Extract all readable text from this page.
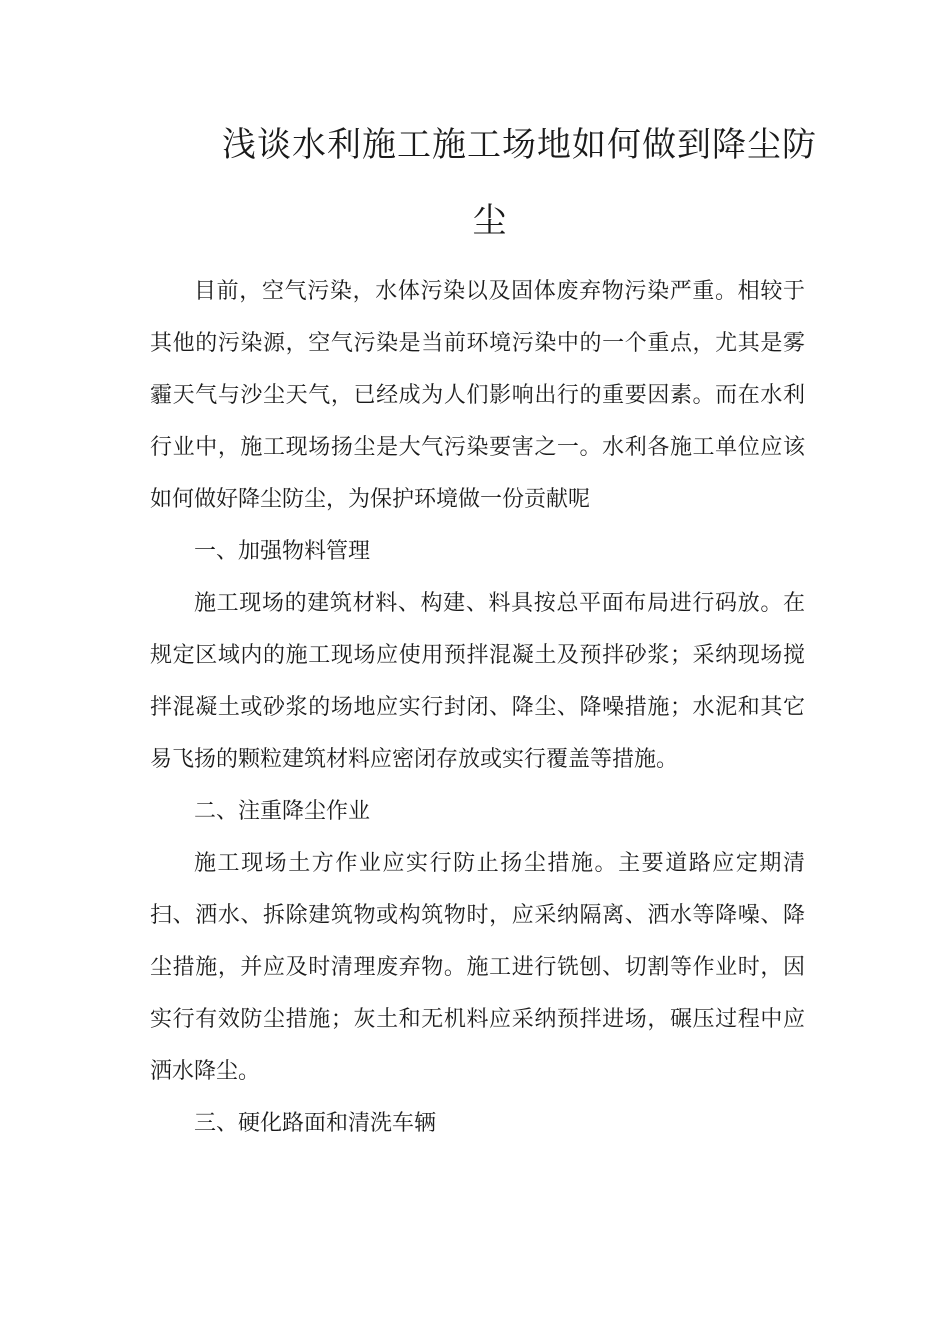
浅谈水利施工施工场地如何做到降尘防
尘

目前，空气污染，水体污染以及固体废弃物污染严重。相较于其他的污染源，空气污染是当前环境污染中的一个重点，尤其是雾霾天气与沙尘天气，已经成为人们影响出行的重要因素。而在水利行业中，施工现场扬尘是大气污染要害之一。水利各施工单位应该如何做好降尘防尘，为保护环境做一份贡献呢

一、加强物料管理

施工现场的建筑材料、构建、料具按总平面布局进行码放。在规定区域内的施工现场应使用预拌混凝土及预拌砂浆；采纳现场搅拌混凝土或砂浆的场地应实行封闭、降尘、降噪措施；水泥和其它易飞扬的颗粒建筑材料应密闭存放或实行覆盖等措施。

二、注重降尘作业

施工现场土方作业应实行防止扬尘措施。主要道路应定期清扫、洒水、拆除建筑物或构筑物时，应采纳隔离、洒水等降噪、降尘措施，并应及时清理废弃物。施工进行铣刨、切割等作业时，因实行有效防尘措施；灰土和无机料应采纳预拌进场，碾压过程中应洒水降尘。

三、硬化路面和清洗车辆
